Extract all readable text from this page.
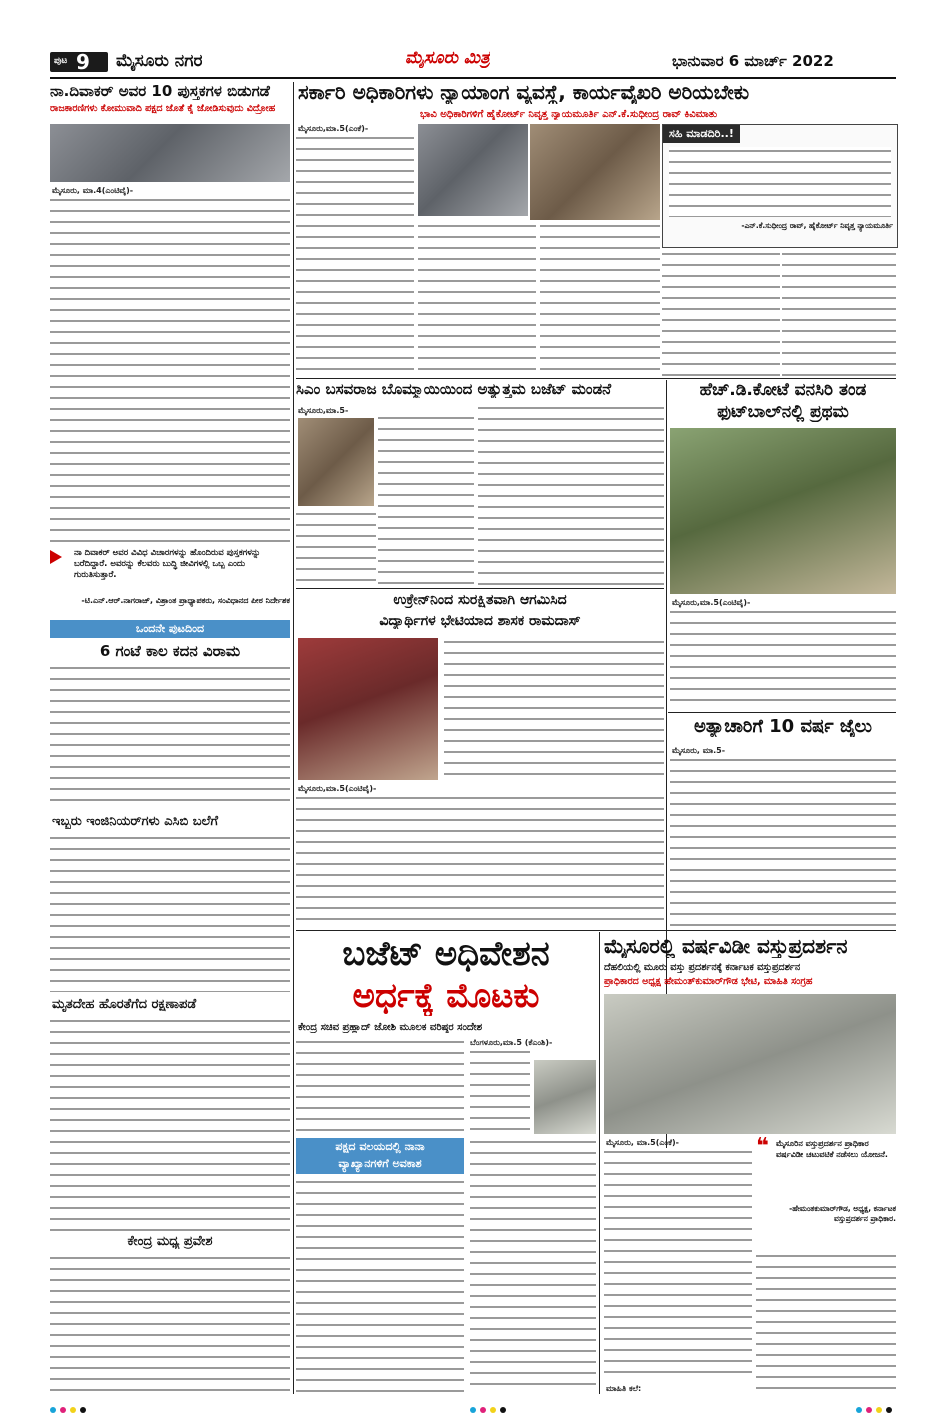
ಪುಟ 9 ಮೈಸೂರು ನಗರ	ಮೈಸೂರು ಮಿತ್ರ	ಭಾನುವಾರ 6 ಮಾರ್ಚ್ 2022
ನಾ.ದಿವಾಕರ್ ಅವರ 10 ಪುಸ್ತಕಗಳ ಬಿಡುಗಡೆ
ರಾಜಕಾರಣಿಗಳು ಕೋಮುವಾದಿ ಪಕ್ಷದ ಜೊತೆ ಕೈ ಜೋಡಿಸುವುದು ವಿದ್ರೋಹ
ಮೈಸೂರು, ಮಾ.4(ಎಂಟಿವೈ)-
ನಾ ದಿವಾಕರ್ ಅವರ ವಿವಿಧ ವಿಚಾರಗಳನ್ನು ಹೊಂದಿರುವ ಪುಸ್ತಕಗಳನ್ನು ಬರೆದಿದ್ದಾರೆ. ಅವರನ್ನು ಕೆಲವರು ಬುದ್ಧಿ ಜೀವಿಗಳಲ್ಲಿ ಒಬ್ಬ ಎಂದು ಗುರುತಿಸುತ್ತಾರೆ.
-ಟಿ.ಎನ್.ಆರ್.ನಾಗರಾಜ್, ವಿಶ್ರಾಂತ ಪ್ರಾಧ್ಯಾಪಕರು, ಸಂವಿಧಾನದ ಪೀಠ ನಿರ್ದೇಶಕ
ಒಂದನೇ ಪುಟದಿಂದ
6 ಗಂಟೆ ಕಾಲ ಕದನ ವಿರಾಮ
ಇಬ್ಬರು ಇಂಜಿನಿಯರ್‌ಗಳು ಎಸಿಬಿ ಬಲೆಗೆ
ಮೃತದೇಹ ಹೊರತೆಗೆದ ರಕ್ಷಣಾಪಡೆ
ಕೇಂದ್ರ ಮಧ್ಯ ಪ್ರವೇಶ
ಸರ್ಕಾರಿ ಅಧಿಕಾರಿಗಳು ನ್ಯಾಯಾಂಗ ವ್ಯವಸ್ಥೆ, ಕಾರ್ಯವೈಖರಿ ಅರಿಯಬೇಕು
ಭಾವಿ ಅಧಿಕಾರಿಗಳಿಗೆ ಹೈಕೋರ್ಟ್ ನಿವೃತ್ತ ನ್ಯಾಯಮೂರ್ತಿ ಎನ್.ಕೆ.ಸುಧೀಂದ್ರ ರಾವ್ ಕಿವಿಮಾತು
ಮೈಸೂರು,ಮಾ.5(ಎಂಕೆ)-	ಸಹಿ ಮಾಡದಿರಿ..!
-ಎನ್.ಕೆ.ಸುಧೀಂದ್ರ ರಾವ್, ಹೈಕೋರ್ಟ್ ನಿವೃತ್ತ ನ್ಯಾಯಮೂರ್ತಿ
ಸಿಎಂ ಬಸವರಾಜ ಬೊಮ್ಮಾಯಿಯಿಂದ ಅತ್ಯುತ್ತಮ ಬಜೆಟ್ ಮಂಡನೆ
ಮೈಸೂರು,ಮಾ.5-
ಹೆಚ್.ಡಿ.ಕೋಟೆ ವನಸಿರಿ ತಂಡ
ಫುಟ್‌ಬಾಲ್‌ನಲ್ಲಿ ಪ್ರಥಮ
ಮೈಸೂರು,ಮಾ.5(ಎಂಟಿವೈ)-
ಉಕ್ರೇನ್‌ನಿಂದ ಸುರಕ್ಷಿತವಾಗಿ ಆಗಮಿಸಿದ
ವಿದ್ಯಾರ್ಥಿಗಳ ಭೇಟಿಯಾದ ಶಾಸಕ ರಾಮದಾಸ್
ಮೈಸೂರು,ಮಾ.5(ಎಂಟಿವೈ)-
ಅತ್ಯಾಚಾರಿಗೆ 10 ವರ್ಷ ಜೈಲು
ಮೈಸೂರು, ಮಾ.5-
ಬಜೆಟ್ ಅಧಿವೇಶನ
ಅರ್ಧಕ್ಕೆ ಮೊಟಕು
ಕೇಂದ್ರ ಸಚಿವ ಪ್ರಹ್ಲಾದ್ ಜೋಶಿ ಮೂಲಕ ವರಿಷ್ಠರ ಸಂದೇಶ
ಬೆಂಗಳೂರು,ಮಾ.5 (ಕೆಎಂಶಿ)-
ಪಕ್ಷದ ವಲಯದಲ್ಲಿ ನಾನಾ
ವ್ಯಾಖ್ಯಾನಗಳಿಗೆ ಅವಕಾಶ
ಮೈಸೂರಲ್ಲಿ ವರ್ಷವಿಡೀ ವಸ್ತುಪ್ರದರ್ಶನ
ದೆಹಲಿಯಲ್ಲಿ ಮೂರು ವಸ್ತು ಪ್ರದರ್ಶನಕ್ಕೆ ಕರ್ನಾಟಕ ವಸ್ತುಪ್ರದರ್ಶನ
ಪ್ರಾಧಿಕಾರದ ಅಧ್ಯಕ್ಷ ಹೇಮಂತ್‌ಕುಮಾರ್‌ಗೌಡ ಭೇಟಿ, ಮಾಹಿತಿ ಸಂಗ್ರಹ
ಮೈಸೂರು, ಮಾ.5(ಎಂಕೆ)-	❝ ಮೈಸೂರಿನ ವಸ್ತುಪ್ರದರ್ಶನ ಪ್ರಾಧಿಕಾರ ವರ್ಷವಿಡೀ ಚಟುವಟಿಕೆ ನಡೆಸಲು ಯೋಜನೆ.
-ಹೇಮಂತಕುಮಾರ್‌ಗೌಡ, ಅಧ್ಯಕ್ಷ, ಕರ್ನಾಟಕ ವಸ್ತುಪ್ರದರ್ಶನ ಪ್ರಾಧಿಕಾರ.
ಮಾಹಿತಿ ಕಲೆ:
